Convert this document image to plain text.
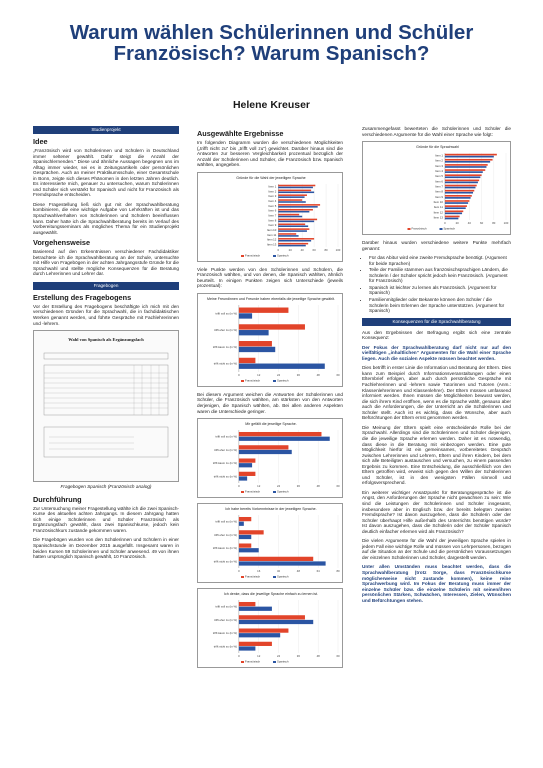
Warum wählen Schülerinnen und Schüler Französisch? Warum Spanisch?
Helene Kreuser
Studienprojekt
Idee

„Französisch wird von Schülerinnen und Schülern in Deutschland immer seltener gewählt. Dafür steigt die Anzahl der Spanischlernenden.“ Diese und ähnliche Aussagen begegnen uns im Alltag immer wieder, sei es in Zeitungsartikeln oder persönlichen Gesprächen. Auch an meiner Praktikumsschule, einer Gesamtschule in Bonn, zeigte sich dieses Phänomen in den letzten Jahren deutlich. Es interessierte mich, genauer zu untersuchen, warum Schülerinnen und Schüler sich verstärkt für Spanisch und nicht für Französisch als Fremdsprache entscheiden.

Diese Fragestellung ließ sich gut mit der Sprachwahlberatung kombinieren, die eine wichtige Aufgabe von Lehrkräften ist und das Sprachwahlverhalten von Schülerinnen und Schülern beeinflussen kann. Daher hatte ich die Sprachwahlberatung bereits im Verlauf des Vorbereitungsseminars als mögliches Thema für ein Studienprojekt ausgewählt.

Vorgehensweise

Basierend auf den Erkenntnissen verschiedener Fachdidaktiker betrachtete ich die Sprachwahlberatung an der Schule, untersuchte mit Hilfe von Fragebögen in der achten Jahrgangsstufe Gründe für die Sprachwahl und stellte mögliche Konsequenzen für die Beratung durch Lehrerinnen und Lehrer dar.

Fragebogen
Erstellung des Fragebogens

Vor der Erstellung des Fragebogens beschäftigte ich mich mit den verschiedenen Gründen für die Sprachwahl, die in fachdidaktischen Werken genannt werden, und führte Gespräche mit Fachlehrerinnen und -lehrern.

Wahl von Spanisch als Ergänzungsfach
Fragebogen Spanisch (Französisch analog)
Durchführung

Zur Untersuchung meiner Fragestellung wählte ich die zwei Spanisch-Kurse des aktuellen achten Jahrgangs. In diesem Jahrgang hatten sich einige Schülerinnen und Schüler Französisch als Ergänzungsfach gewählt, dass zwei Spanischkurse, jedoch kein Französischkurs zustande gekommen waren.

Die Fragebögen wurden von den Schülerinnen und Schülern in einer Spanischstunde im Dezember 2015 ausgefüllt. Insgesamt waren in beiden Kursen 59 Schülerinnen und Schüler anwesend. 49 von ihnen hatten ursprünglich Spanisch gewählt, 10 Französisch.

Ausgewählte Ergebnisse

Im folgenden Diagramm wurden die verschiedenen Möglichkeiten („trifft nicht zu“ bis „trifft voll zu“) gewichtet. Darüber hinaus sind die Antworten zur besseren Vergleichbarkeit prozentual bezüglich der Anzahl der Schülerinnen und Schüler, die Französisch bzw. Spanisch wählten, angegeben.

Gründe für die Wahl der jeweiligen Sprache
0	20	40	60	80	100
Item 1
Item 2
Item 3
Item 4
Item 5
Item 6
Item 7
Item 8
Item 9
Item 10
Item 11
Item 12
Item 13
Französisch	Spanisch

Viele Punkte werden von den Schülerinnen und Schülern, die Französisch wählten, und von denen, die Spanisch wählten, ähnlich beurteilt. In einigen Punkten zeigen sich Unterschiede (jeweils prozentual):

Meine Freundinnen und Freunde haben ebenfalls die jeweilige Sprache gewählt.
0	12	24	36	48	60
trifft voll zu (in %)
trifft eher zu (in %)
trifft kaum zu (in %)
trifft nicht zu (in %)
Französisch	Spanisch

Bei diesem Argument weichen die Antworten der Schülerinnen und Schüler, die Französisch wählten, am stärksten von den Antworten derjenigen, die Spanisch wählten, ab. Bei allen anderen Aspekten waren die Unterschiede geringer.

Mir gefällt die jeweilige Sprache.
0	12	24	36	48	60
trifft voll zu (in %)
trifft eher zu (in %)
trifft kaum zu (in %)
trifft nicht zu (in %)
Französisch	Spanisch
Ich habe bereits Vorkenntnisse in der jeweiligen Sprache.
0	16	32	48	64	80
trifft voll zu (in %)
trifft eher zu (in %)
trifft kaum zu (in %)
trifft nicht zu (in %)
Französisch	Spanisch
Ich denke, dass die jeweilige Sprache einfach zu lernen ist.
0	12	24	36	48	60
trifft voll zu (in %)
trifft eher zu (in %)
trifft kaum zu (in %)
trifft nicht zu (in %)
Französisch	Spanisch

Zusammengefasst bewerteten die Schülerinnen und Schüler die verschiedenen Argumente für die Wahl einer Sprache wie folgt:

Gründe für die Sprachwahl
0	20	40	60	80	100
Item 1
Item 2
Item 3
Item 4
Item 5
Item 6
Item 7
Item 8
Item 9
Item 10
Item 11
Item 12
Item 13
Französisch	Spanisch

Darüber hinaus wurden verschiedene weitere Punkte mehrfach genannt:

• Für das Abitur wird eine zweite Fremdsprache benötigt. (Argument für beide Sprachen)
• Teile der Familie stammen aus französischsprachigen Ländern, die Schülerin / der Schüler spricht jedoch kein Französisch. (Argument für Französisch)
• Spanisch ist leichter zu lernen als Französisch. (Argument für Spanisch)
• Familienmitglieder oder Bekannte können den Schüler / die Schülerin beim Erlernen der Sprache unterstützen. (Argument für Spanisch)
Konsequenzen für die Sprachwahlberatung

Aus den Ergebnissen der Befragung ergibt sich eine zentrale Konsequenz:

Der Fokus der Sprachwahlberatung darf nicht nur auf den vielfältigen „inhaltlichen“ Argumenten für die Wahl einer Sprache liegen. Auch die sozialen Aspekte müssen beachtet werden.

Dies betrifft in erster Linie die Information und Beratung der Eltern. Dies kann zum Beispiel durch Informationsveranstaltungen oder einen Elternbrief erfolgen, aber auch durch persönliche Gespräche mit Fachlehrerinnen und -lehrern sowie Tutorinnen und Tutoren (Anm.: Klassenlehrerinnen und Klassenlehrer). Der Eltern müssen umfassend informiert werden. Ihnen müssen die Möglichkeiten bewusst werden, die sich ihrem Kind eröffnen, wenn es die Sprache wählt, genauso aber auch die Anforderungen, die der Unterricht an die Schülerinnen und Schüler stellt. Auch ist es wichtig, dass die Wünsche, aber auch Befürchtungen der Eltern ernst genommen werden.

Die Meinung der Eltern spielt eine entscheidende Rolle bei der Sprachwahl. Allerdings sind die Schülerinnen und Schüler diejenigen, die die jeweilige Sprache erlernen werden. Daher ist es notwendig, dass diese in die Beratung mit einbezogen werden. Eine gute Möglichkeit hierfür ist ein gemeinsames, vorbereitetes Gespräch zwischen Lehrerinnen und Lehrern, Eltern und ihren Kindern, bei dem sich alle Beteiligten austauschen und versuchen, zu einem passenden Ergebnis zu kommen. Eine Entscheidung, die ausschließlich von den Eltern getroffen wird, erweist sich gegen den Willen der Schülerinnen und Schüler, ist in den wenigsten Fällen sinnvoll und erfolgsversprechend.

Ein weiterer wichtiger Ansatzpunkt für Beratungsgespräche ist die Angst, den Anforderungen der Sprache nicht gewachsen zu sein: Wie sind die Leistungen der Schülerinnen und Schüler insgesamt, insbesondere aber in Englisch bzw. der bereits belegten zweiten Fremdsprache? Ist davon auszugehen, dass die Schülerin oder der Schüler überhaupt Hilfe außerhalb des Unterrichts benötigen würde? Ist davon auszugehen, dass die Schülerin oder der Schüler Spanisch deutlich einfacher erlernen wird als Französisch?

Die vielen Argumente für die Wahl der jeweiligen Sprache spielen in jedem Fall eine wichtige Rolle und müssen von Lehrpersonen, bezogen auf die Situation an der Schule und die persönlichen Voraussetzungen der einzelnen Schülerinnen und Schüler, dargestellt werden.

Unter allen Umständen muss beachtet werden, dass die Sprachwahlberatung (trotz Sorge, dass Französischkurse möglicherweise nicht zustande kommen), keine reine Sprachwerbung wird. Im Fokus der Beratung muss immer der einzelne Schüler bzw. die einzelne Schülerin mit seinen/ihren persönlichen Stärken, Schwächen, Interessen, Zielen, Wünschen und Befürchtungen stehen.
